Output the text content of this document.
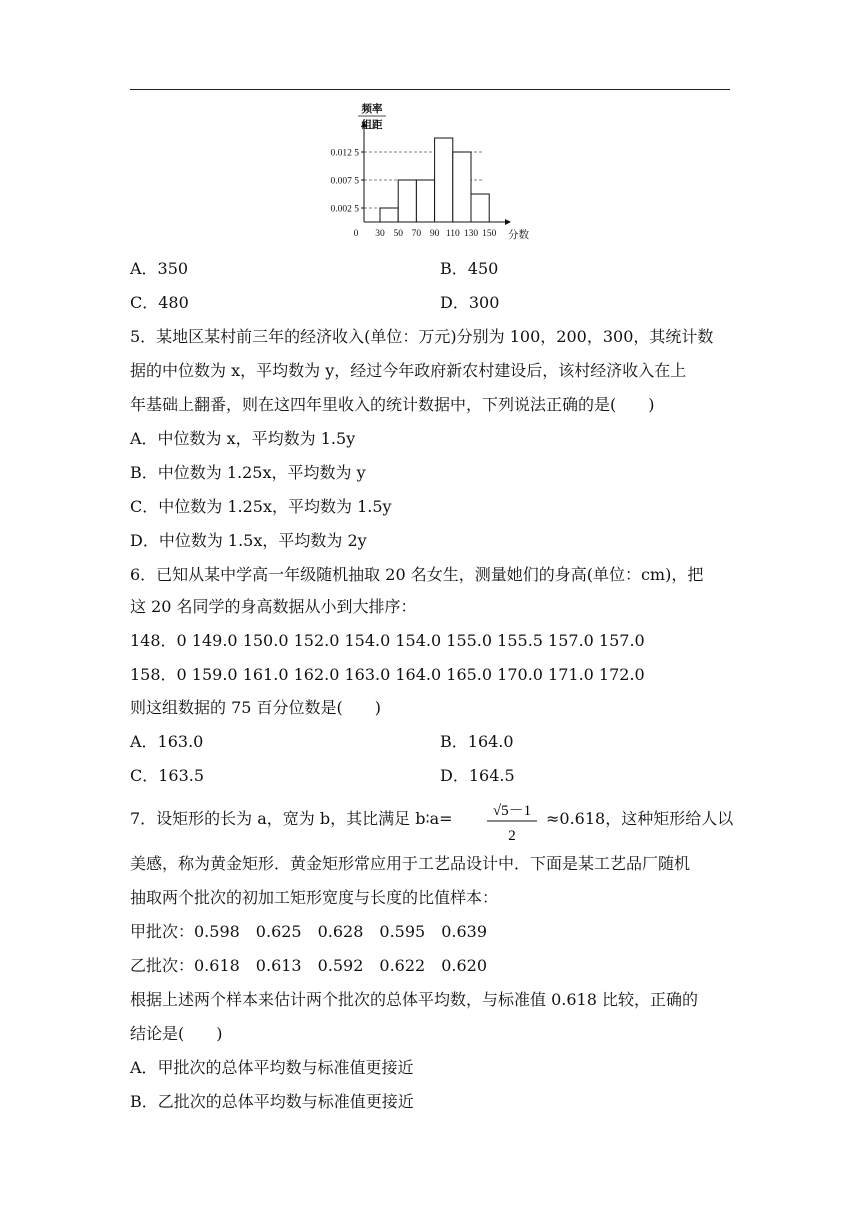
0.002 5
0.007 5
0.012 5
30 50 70 90 110 130 150
0	分数
频率
组距
A．350	B．450
C．480	D．300
5．某地区某村前三年的经济收入(单位：万元)分别为 100，200，300，其统计数
据的中位数为 x，平均数为 y，经过今年政府新农村建设后，该村经济收入在上
年基础上翻番，则在这四年里收入的统计数据中，下列说法正确的是(　　)
A．中位数为 x，平均数为 1.5y
B．中位数为 1.25x，平均数为 y
C．中位数为 1.25x，平均数为 1.5y
D．中位数为 1.5x，平均数为 2y
6．已知从某中学高一年级随机抽取 20 名女生，测量她们的身高(单位：cm)，把
这 20 名同学的身高数据从小到大排序：
148．0 149.0 150.0 152.0 154.0 154.0 155.0 155.5 157.0 157.0
158．0 159.0 161.0 162.0 163.0 164.0 165.0 170.0 171.0 172.0
则这组数据的 75 百分位数是(　　)
A．163.0	B．164.0
C．163.5	D．164.5
7．设矩形的长为 a，宽为 b，其比满足 b∶a=	√5－1
2
≈0.618，这种矩形给人以
美感，称为黄金矩形．黄金矩形常应用于工艺品设计中．下面是某工艺品厂随机
抽取两个批次的初加工矩形宽度与长度的比值样本：
甲批次：0.598　0.625　0.628　0.595　0.639
乙批次：0.618　0.613　0.592　0.622　0.620
根据上述两个样本来估计两个批次的总体平均数，与标准值 0.618 比较，正确的
结论是(　　)
A．甲批次的总体平均数与标准值更接近
B．乙批次的总体平均数与标准值更接近
